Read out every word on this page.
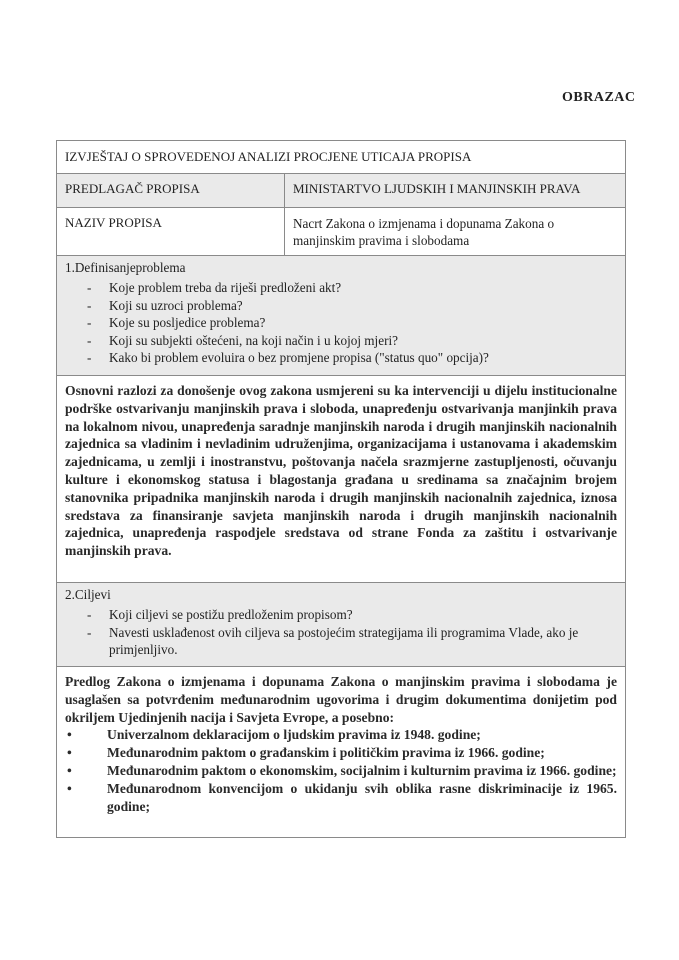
OBRAZAC
IZVJEŠTAJ O SPROVEDENOJ ANALIZI PROCJENE UTICAJA PROPISA
PREDLAGAČ PROPISA	MINISTARTVO LJUDSKIH I MANJINSKIH PRAVA
NAZIV PROPISA	Nacrt Zakona o izmjenama i dopunama Zakona o manjinskim pravima i slobodama
1.Definisanjeproblema
- Koje problem treba da riješi predloženi akt?
- Koji su uzroci problema?
- Koje su posljedice problema?
- Koji su subjekti oštećeni, na koji način i u kojoj mjeri?
- Kako bi problem evoluira o bez promjene propisa ("status quo" opcija)?
Osnovni razlozi za donošenje ovog zakona usmjereni su ka intervenciji u dijelu institucionalne podrške ostvarivanju manjinskih prava i sloboda, unapređenju ostvarivanja manjinkih prava na lokalnom nivou, unapređenja saradnje manjinskih naroda i drugih manjinskih nacionalnih zajednica sa vladinim i nevladinim udruženjima, organizacijama i ustanovama i akademskim zajednicama, u zemlji i inostranstvu, poštovanja načela srazmjerne zastupljenosti, očuvanju kulture i ekonomskog statusa i blagostanja građana u sredinama sa značajnim brojem stanovnika pripadnika manjinskih naroda i drugih manjinskih nacionalnih zajednica, iznosa sredstava za finansiranje savjeta manjinskih naroda i drugih manjinskih nacionalnih zajednica, unapređenja raspodjele sredstava od strane Fonda za zaštitu i ostvarivanje manjinskih prava.
2.Ciljevi
- Koji ciljevi se postižu predloženim propisom?
- Navesti usklađenost ovih ciljeva sa postojećim strategijama ili programima Vlade, ako je primjenljivo.
Predlog Zakona o izmjenama i dopunama Zakona o manjinskim pravima i slobodama je usaglašen sa potvrđenim međunarodnim ugovorima i drugim dokumentima donijetim pod okriljem Ujedinjenih nacija i Savjeta Evrope, a posebno:
•	Univerzalnom deklaracijom o ljudskim pravima iz 1948. godine;
•	Međunarodnim paktom o građanskim i političkim pravima iz 1966. godine;
•	Međunarodnim paktom o ekonomskim, socijalnim i kulturnim pravima iz 1966. godine;
•	Međunarodnom konvencijom o ukidanju svih oblika rasne diskriminacije iz 1965. godine;
